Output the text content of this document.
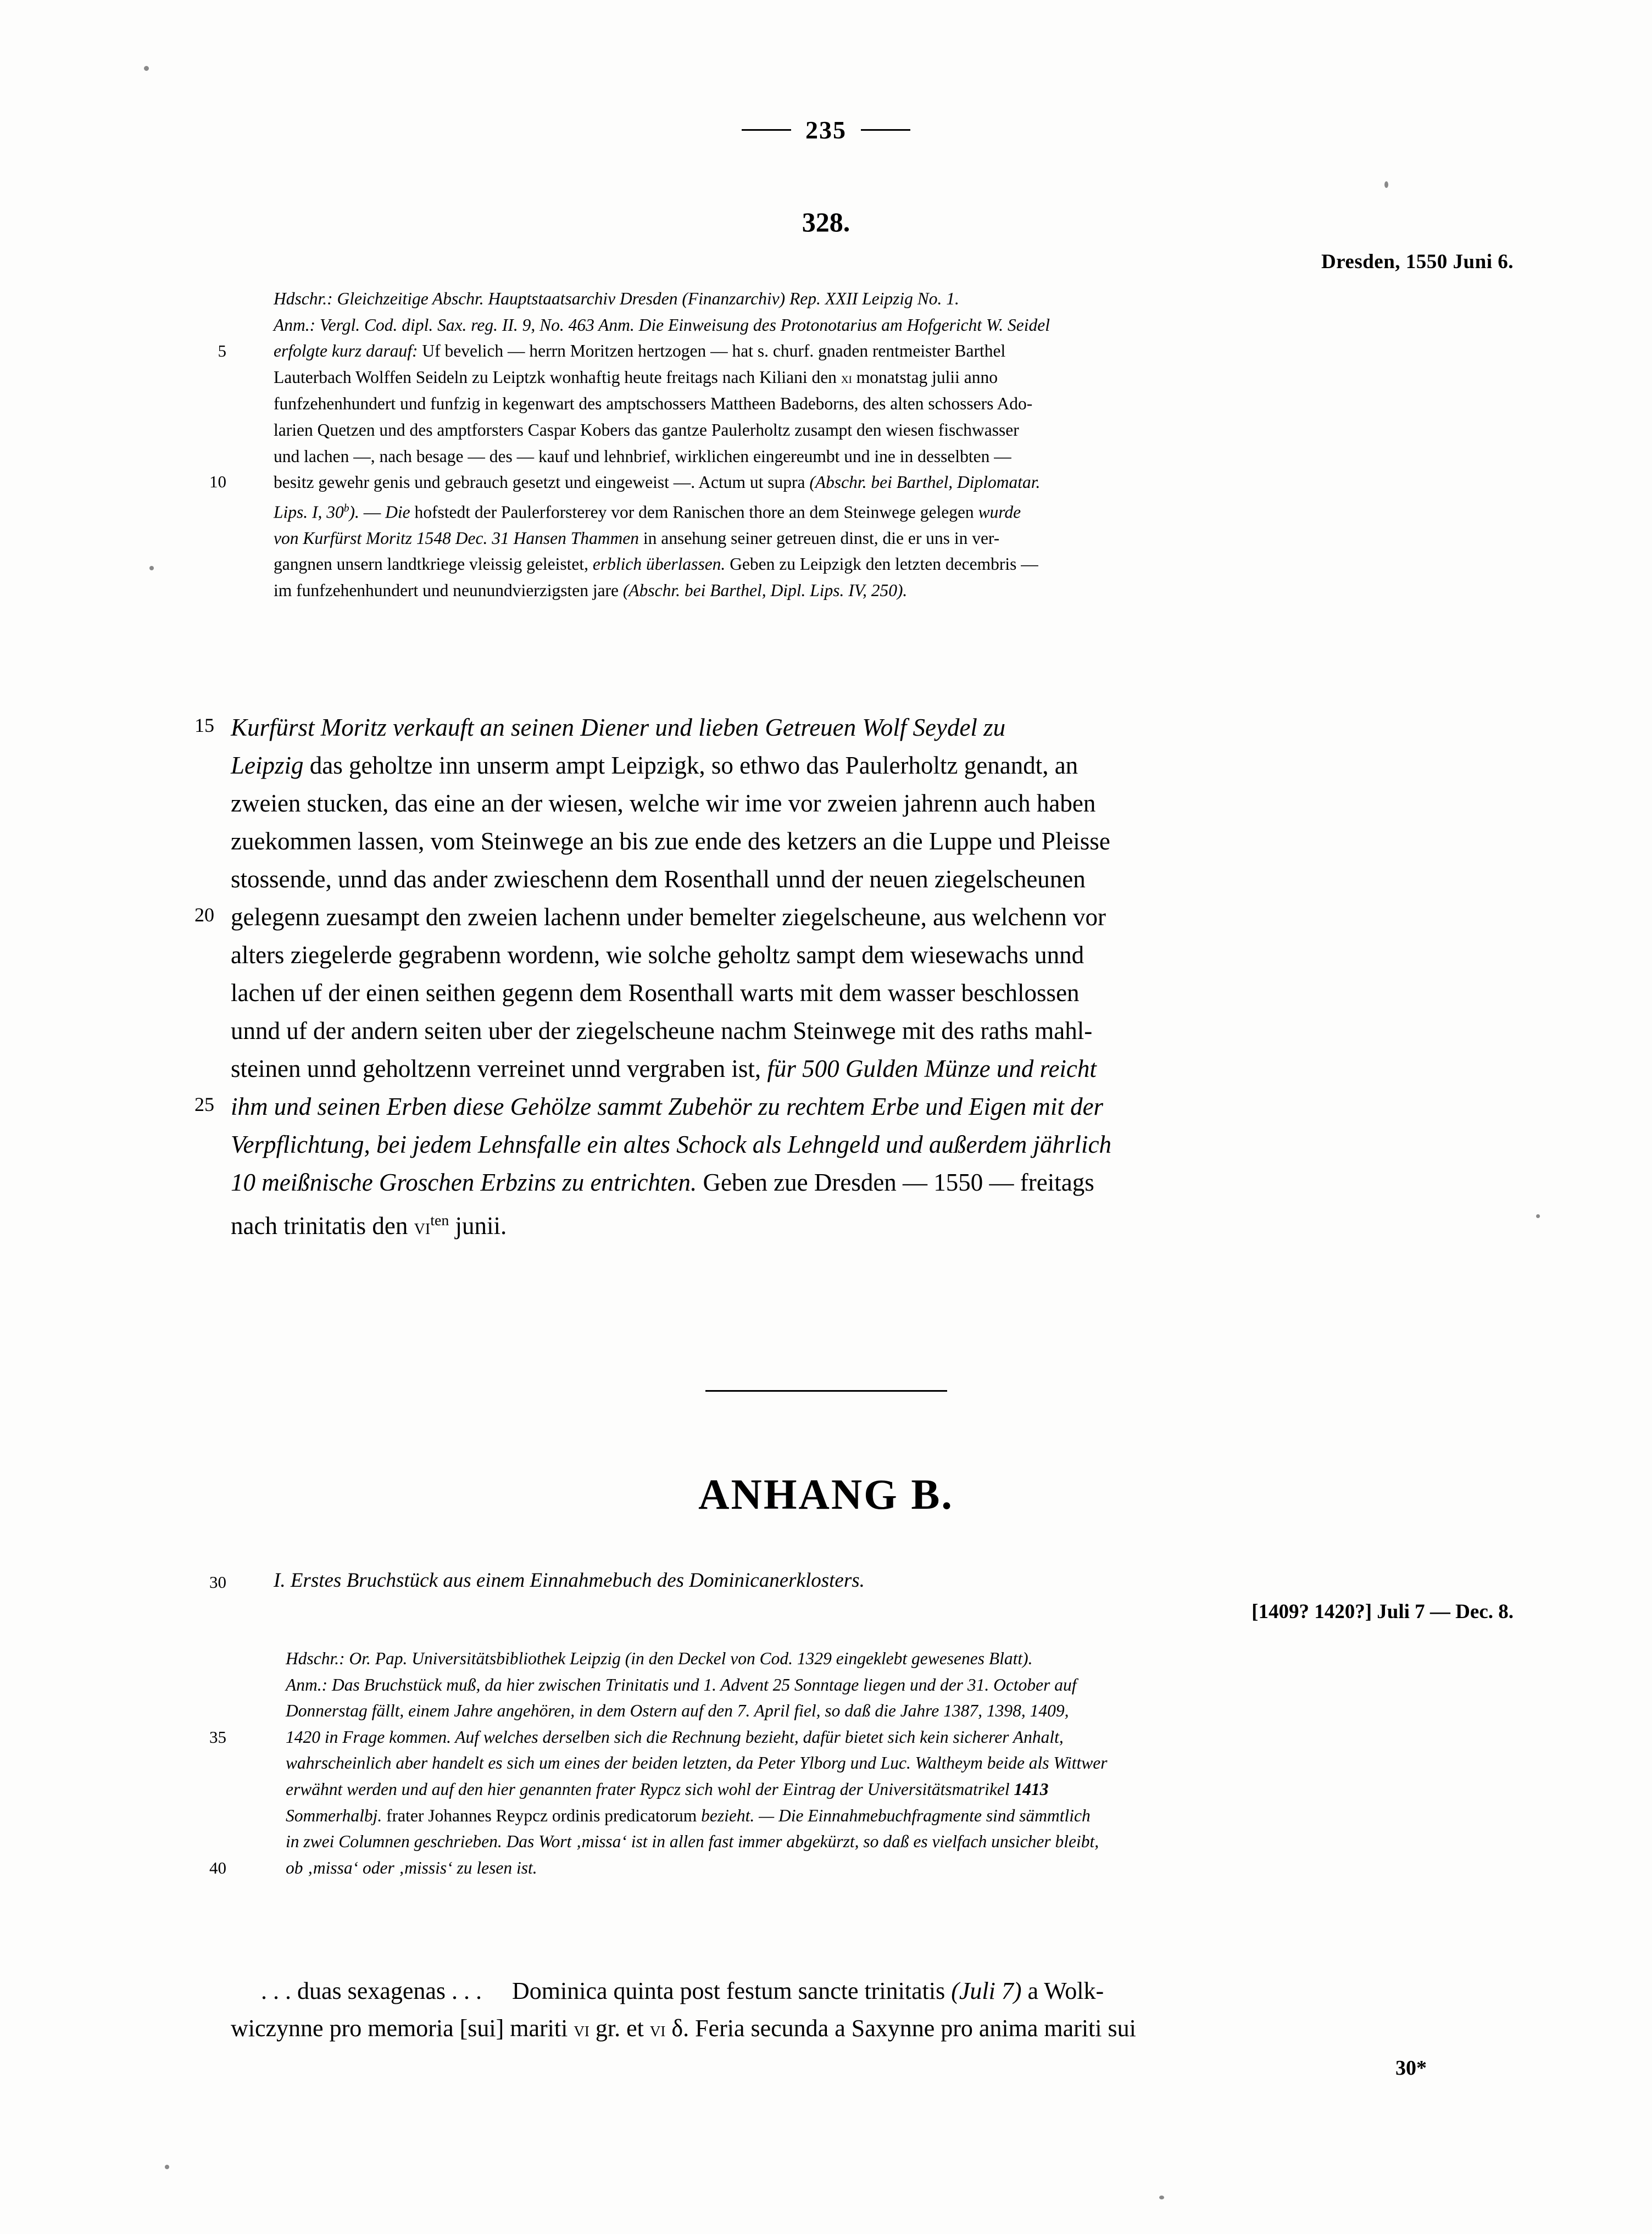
235
328.
Dresden, 1550 Juni 6.
Hdschr.: Gleichzeitige Abschr. Hauptstaatsarchiv Dresden (Finanzarchiv) Rep. XXII Leipzig No. 1.
Anm.: Vergl. Cod. dipl. Sax. reg. II. 9, No. 463 Anm. Die Einweisung des Protonotarius am Hofgericht W. Seidel
erfolgte kurz darauf: Uf bevelich — herrn Moritzen hertzogen — hat s. churf. gnaden rentmeister Barthel
Lauterbach Wolffen Seideln zu Leiptzk wonhaftig heute freitags nach Kiliani den xi monatstag julii anno
funfzehenhundert und funfzig in kegenwart des amptschossers Mattheen Badeborns, des alten schossers Ado-
larien Quetzen und des amptforsters Caspar Kobers das gantze Paulerholtz zusampt den wiesen fischwasser
und lachen —, nach besage — des — kauf und lehnbrief, wirklichen eingereumbt und ine in desselbten —
besitz gewehr genis und gebrauch gesetzt und eingeweist —. Actum ut supra (Abschr. bei Barthel, Diplomatar.
Lips. I, 30$^b$). — Die hofstedt der Paulerforsterey vor dem Ranischen thore an dem Steinwege gelegen wurde
von Kurfürst Moritz 1548 Dec. 31 Hansen Thammen in ansehung seiner getreuen dinst, die er uns in ver-
gangnen unsern landtkriege vleissig geleistet, erblich überlassen. Geben zu Leipzigk den letzten decembris —
im funfzehenhundert und neunundvierzigsten jare (Abschr. bei Barthel, Dipl. Lips. IV, 250).
5
10
Kurfürst Moritz verkauft an seinen Diener und lieben Getreuen Wolf Seydel zu
Leipzig das geholtze inn unserm ampt Leipzigk, so ethwo das Paulerholtz genandt, an
zweien stucken, das eine an der wiesen, welche wir ime vor zweien jahrenn auch haben
zuekommen lassen, vom Steinwege an bis zue ende des ketzers an die Luppe und Pleisse
stossende, unnd das ander zwieschenn dem Rosenthall unnd der neuen ziegelscheunen
gelegenn zuesampt den zweien lachenn under bemelter ziegelscheune, aus welchenn vor
alters ziegelerde gegrabenn wordenn, wie solche geholtz sampt dem wiesewachs unnd
lachen uf der einen seithen gegenn dem Rosenthall warts mit dem wasser beschlossen
unnd uf der andern seiten uber der ziegelscheune nachm Steinwege mit des raths mahl-
steinen unnd geholtzenn verreinet unnd vergraben ist, für 500 Gulden Münze und reicht
ihm und seinen Erben diese Gehölze sammt Zubehör zu rechtem Erbe und Eigen mit der
Verpflichtung, bei jedem Lehnsfalle ein altes Schock als Lehngeld und außerdem jährlich
10 meißnische Groschen Erbzins zu entrichten. Geben zue Dresden — 1550 — freitags
nach trinitatis den $vi^{ten}$ junii.
15
20
25
ANHANG B.
30 I. Erstes Bruchstück aus einem Einnahmebuch des Dominicanerklosters.
[1409? 1420?] Juli 7 — Dec. 8.
Hdschr.: Or. Pap. Universitätsbibliothek Leipzig (in den Deckel von Cod. 1329 eingeklebt gewesenes Blatt).
Anm.: Das Bruchstück muß, da hier zwischen Trinitatis und 1. Advent 25 Sonntage liegen und der 31. October auf
Donnerstag fällt, einem Jahre angehören, in dem Ostern auf den 7. April fiel, so daß die Jahre 1387, 1398, 1409,
1420 in Frage kommen. Auf welches derselben sich die Rechnung bezieht, dafür bietet sich kein sicherer Anhalt,
wahrscheinlich aber handelt es sich um eines der beiden letzten, da Peter Ylborg und Luc. Waltheym beide als Wittwer
erwähnt werden und auf den hier genannten frater Rypcz sich wohl der Eintrag der Universitätsmatrikel 1413
Sommerhalbj. frater Johannes Reypcz ordinis predicatorum bezieht. — Die Einnahmebuchfragmente sind sämmtlich
in zwei Columnen geschrieben. Das Wort ‚missa‘ ist in allen fast immer abgekürzt, so daß es vielfach unsicher bleibt,
ob ‚missa‘ oder ‚missis‘ zu lesen ist.
35
40
. . . duas sexagenas . . .     Dominica quinta post festum sancte trinitatis (Juli 7) a Wolk-
wiczynne pro memoria [sui] mariti vi gr. et vi δ. Feria secunda a Saxynne pro anima mariti sui
30*
